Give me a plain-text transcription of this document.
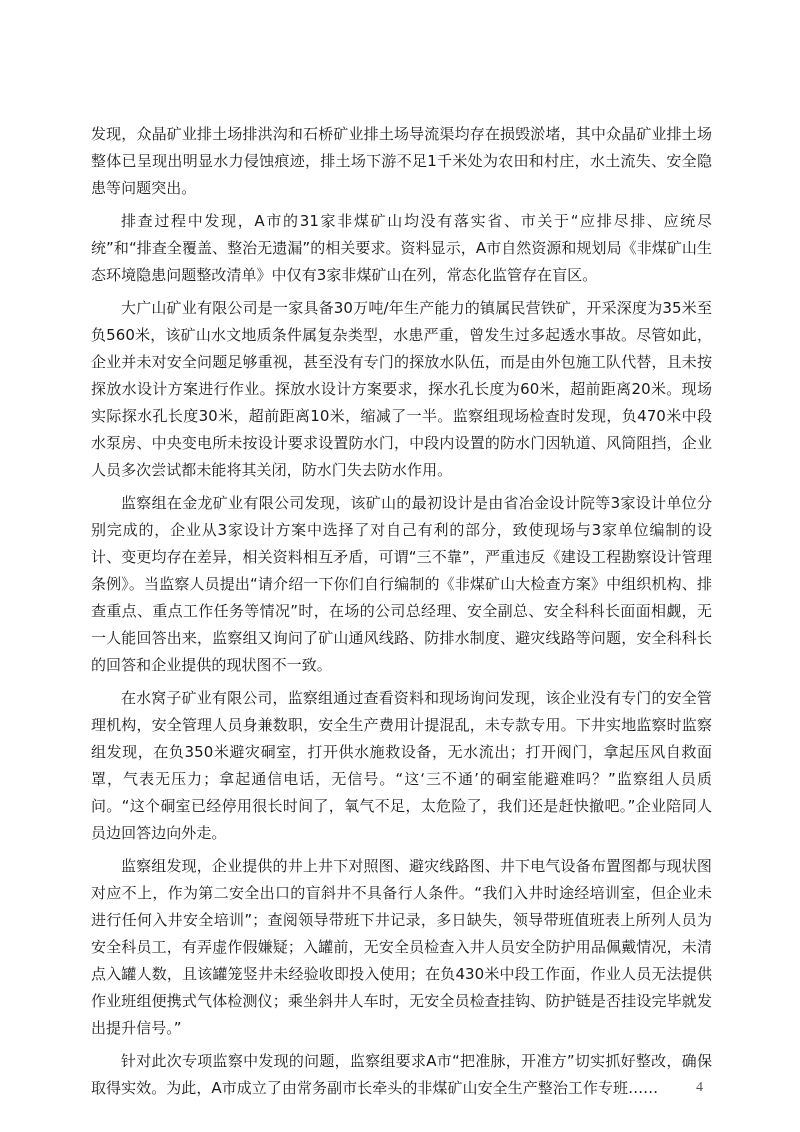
发现，众晶矿业排土场排洪沟和石桥矿业排土场导流渠均存在损毁淤堵，其中众晶矿业排土场整体已呈现出明显水力侵蚀痕迹，排土场下游不足1千米处为农田和村庄，水土流失、安全隐患等问题突出。

排查过程中发现，A市的31家非煤矿山均没有落实省、市关于“应排尽排、应统尽统”和“排查全覆盖、整治无遗漏”的相关要求。资料显示，A市自然资源和规划局《非煤矿山生态环境隐患问题整改清单》中仅有3家非煤矿山在列，常态化监管存在盲区。

大广山矿业有限公司是一家具备30万吨/年生产能力的镇属民营铁矿，开采深度为35米至负560米，该矿山水文地质条件属复杂类型，水患严重，曾发生过多起透水事故。尽管如此，企业并未对安全问题足够重视，甚至没有专门的探放水队伍，而是由外包施工队代替，且未按探放水设计方案进行作业。探放水设计方案要求，探水孔长度为60米，超前距离20米。现场实际探水孔长度30米，超前距离10米，缩减了一半。监察组现场检查时发现，负470米中段水泵房、中央变电所未按设计要求设置防水门，中段内设置的防水门因轨道、风筒阻挡，企业人员多次尝试都未能将其关闭，防水门失去防水作用。

监察组在金龙矿业有限公司发现，该矿山的最初设计是由省冶金设计院等3家设计单位分别完成的，企业从3家设计方案中选择了对自己有利的部分，致使现场与3家单位编制的设计、变更均存在差异，相关资料相互矛盾，可谓“三不靠”，严重违反《建设工程勘察设计管理条例》。当监察人员提出“请介绍一下你们自行编制的《非煤矿山大检查方案》中组织机构、排查重点、重点工作任务等情况”时，在场的公司总经理、安全副总、安全科科长面面相觑，无一人能回答出来，监察组又询问了矿山通风线路、防排水制度、避灾线路等问题，安全科科长的回答和企业提供的现状图不一致。

在水窝子矿业有限公司，监察组通过查看资料和现场询问发现，该企业没有专门的安全管理机构，安全管理人员身兼数职，安全生产费用计提混乱，未专款专用。下井实地监察时监察组发现，在负350米避灾硐室，打开供水施救设备，无水流出；打开阀门，拿起压风自救面罩，气表无压力；拿起通信电话，无信号。“这‘三不通’的硐室能避难吗？”监察组人员质问。“这个硐室已经停用很长时间了，氧气不足，太危险了，我们还是赶快撤吧。”企业陪同人员边回答边向外走。

监察组发现，企业提供的井上井下对照图、避灾线路图、井下电气设备布置图都与现状图对应不上，作为第二安全出口的盲斜井不具备行人条件。“我们入井时途经培训室，但企业未进行任何入井安全培训”；查阅领导带班下井记录，多日缺失，领导带班值班表上所列人员为安全科员工，有弄虚作假嫌疑；入罐前，无安全员检查入井人员安全防护用品佩戴情况，未清点入罐人数，且该罐笼竖井未经验收即投入使用；在负430米中段工作面，作业人员无法提供作业班组便携式气体检测仪；乘坐斜井人车时，无安全员检查挂钩、防护链是否挂设完毕就发出提升信号。”

针对此次专项监察中发现的问题，监察组要求A市“把准脉，开准方”切实抓好整改，确保取得实效。为此，A市成立了由常务副市长牵头的非煤矿山安全生产整治工作专班……	4
